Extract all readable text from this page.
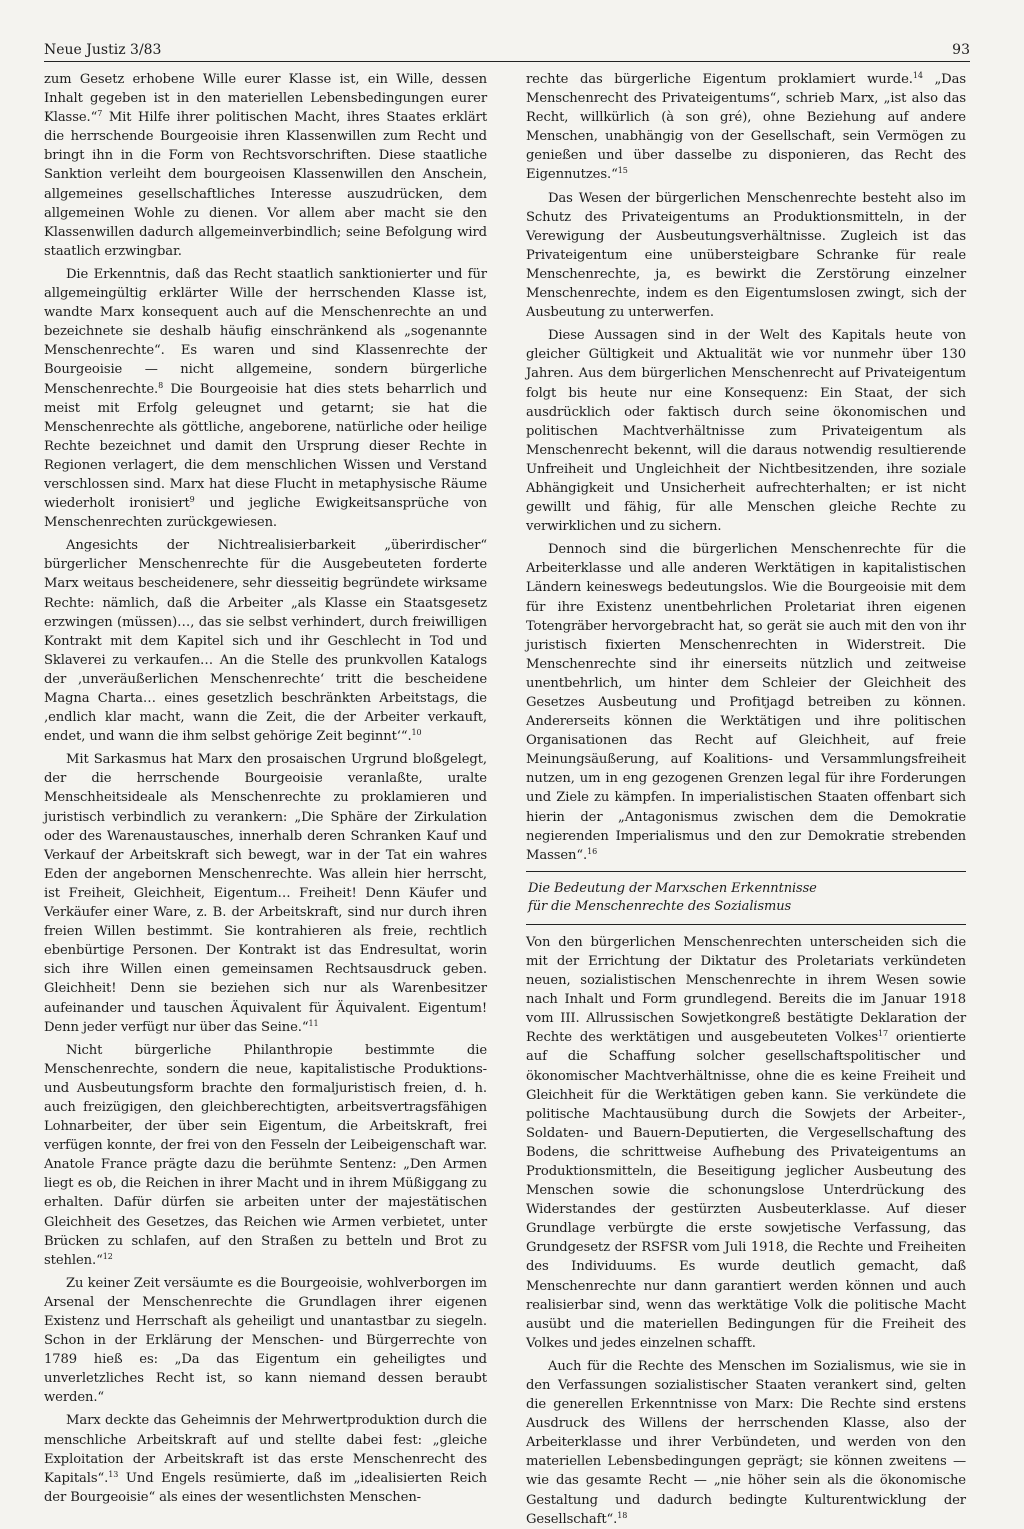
Neue Justiz 3/83	93

zum Gesetz erhobene Wille eurer Klasse ist, ein Wille, dessen Inhalt gegeben ist in den materiellen Lebensbedingungen eurer Klasse.“$^7$ Mit Hilfe ihrer politischen Macht, ihres Staates erklärt die herrschende Bourgeoisie ihren Klassenwillen zum Recht und bringt ihn in die Form von Rechtsvorschriften. Diese staatliche Sanktion verleiht dem bourgeoisen Klassenwillen den Anschein, allgemeines gesellschaftliches Interesse auszudrücken, dem allgemeinen Wohle zu dienen. Vor allem aber macht sie den Klassenwillen dadurch allgemeinverbindlich; seine Befolgung wird staatlich erzwingbar.

Die Erkenntnis, daß das Recht staatlich sanktionierter und für allgemeingültig erklärter Wille der herrschenden Klasse ist, wandte Marx konsequent auch auf die Menschenrechte an und bezeichnete sie deshalb häufig einschränkend als „sogenannte Menschenrechte“. Es waren und sind Klassenrechte der Bourgeoisie — nicht allgemeine, sondern bürgerliche Menschenrechte.$^8$ Die Bourgeoisie hat dies stets beharrlich und meist mit Erfolg geleugnet und getarnt; sie hat die Menschenrechte als göttliche, angeborene, natürliche oder heilige Rechte bezeichnet und damit den Ursprung dieser Rechte in Regionen verlagert, die dem menschlichen Wissen und Verstand verschlossen sind. Marx hat diese Flucht in metaphysische Räume wiederholt ironisiert$^9$ und jegliche Ewigkeitsansprüche von Menschenrechten zurückgewiesen.

Angesichts der Nichtrealisierbarkeit „überirdischer“ bürgerlicher Menschenrechte für die Ausgebeuteten forderte Marx weitaus bescheidenere, sehr diesseitig begründete wirksame Rechte: nämlich, daß die Arbeiter „als Klasse ein Staatsgesetz erzwingen (müssen)…, das sie selbst verhindert, durch freiwilligen Kontrakt mit dem Kapitel sich und ihr Geschlecht in Tod und Sklaverei zu verkaufen… An die Stelle des prunkvollen Katalogs der ‚unveräußerlichen Menschenrechte‘ tritt die bescheidene Magna Charta… eines gesetzlich beschränkten Arbeitstags, die ‚endlich klar macht, wann die Zeit, die der Arbeiter verkauft, endet, und wann die ihm selbst gehörige Zeit beginnt‘“.$^{10}$

Mit Sarkasmus hat Marx den prosaischen Urgrund bloßgelegt, der die herrschende Bourgeoisie veranlaßte, uralte Menschheitsideale als Menschenrechte zu proklamieren und juristisch verbindlich zu verankern: „Die Sphäre der Zirkulation oder des Warenaustausches, innerhalb deren Schranken Kauf und Verkauf der Arbeitskraft sich bewegt, war in der Tat ein wahres Eden der angebornen Menschenrechte. Was allein hier herrscht, ist Freiheit, Gleichheit, Eigentum… Freiheit! Denn Käufer und Verkäufer einer Ware, z. B. der Arbeitskraft, sind nur durch ihren freien Willen bestimmt. Sie kontrahieren als freie, rechtlich ebenbürtige Personen. Der Kontrakt ist das Endresultat, worin sich ihre Willen einen gemeinsamen Rechtsausdruck geben. Gleichheit! Denn sie beziehen sich nur als Warenbesitzer aufeinander und tauschen Äquivalent für Äquivalent. Eigentum! Denn jeder verfügt nur über das Seine.“$^{11}$

Nicht bürgerliche Philanthropie bestimmte die Menschenrechte, sondern die neue, kapitalistische Produktions- und Ausbeutungsform brachte den formaljuristisch freien, d. h. auch freizügigen, den gleichberechtigten, arbeitsvertragsfähigen Lohnarbeiter, der über sein Eigentum, die Arbeitskraft, frei verfügen konnte, der frei von den Fesseln der Leibeigenschaft war. Anatole France prägte dazu die berühmte Sentenz: „Den Armen liegt es ob, die Reichen in ihrer Macht und in ihrem Müßiggang zu erhalten. Dafür dürfen sie arbeiten unter der majestätischen Gleichheit des Gesetzes, das Reichen wie Armen verbietet, unter Brücken zu schlafen, auf den Straßen zu betteln und Brot zu stehlen.“$^{12}$

Zu keiner Zeit versäumte es die Bourgeoisie, wohlverborgen im Arsenal der Menschenrechte die Grundlagen ihrer eigenen Existenz und Herrschaft als geheiligt und unantastbar zu siegeln. Schon in der Erklärung der Menschen- und Bürgerrechte von 1789 hieß es: „Da das Eigentum ein geheiligtes und unverletzliches Recht ist, so kann niemand dessen beraubt werden.“

Marx deckte das Geheimnis der Mehrwertproduktion durch die menschliche Arbeitskraft auf und stellte dabei fest: „gleiche Exploitation der Arbeitskraft ist das erste Menschenrecht des Kapitals“.$^{13}$ Und Engels resümierte, daß im „idealisierten Reich der Bourgeoisie“ als eines der wesentlichsten Menschen-

rechte das bürgerliche Eigentum proklamiert wurde.$^{14}$ „Das Menschenrecht des Privateigentums“, schrieb Marx, „ist also das Recht, willkürlich (à son gré), ohne Beziehung auf andere Menschen, unabhängig von der Gesellschaft, sein Vermögen zu genießen und über dasselbe zu disponieren, das Recht des Eigennutzes.“$^{15}$

Das Wesen der bürgerlichen Menschenrechte besteht also im Schutz des Privateigentums an Produktionsmitteln, in der Verewigung der Ausbeutungsverhältnisse. Zugleich ist das Privateigentum eine unübersteigbare Schranke für reale Menschenrechte, ja, es bewirkt die Zerstörung einzelner Menschenrechte, indem es den Eigentumslosen zwingt, sich der Ausbeutung zu unterwerfen.

Diese Aussagen sind in der Welt des Kapitals heute von gleicher Gültigkeit und Aktualität wie vor nunmehr über 130 Jahren. Aus dem bürgerlichen Menschenrecht auf Privateigentum folgt bis heute nur eine Konsequenz: Ein Staat, der sich ausdrücklich oder faktisch durch seine ökonomischen und politischen Machtverhältnisse zum Privateigentum als Menschenrecht bekennt, will die daraus notwendig resultierende Unfreiheit und Ungleichheit der Nichtbesitzenden, ihre soziale Abhängigkeit und Unsicherheit aufrechterhalten; er ist nicht gewillt und fähig, für alle Menschen gleiche Rechte zu verwirklichen und zu sichern.

Dennoch sind die bürgerlichen Menschenrechte für die Arbeiterklasse und alle anderen Werktätigen in kapitalistischen Ländern keineswegs bedeutungslos. Wie die Bourgeoisie mit dem für ihre Existenz unentbehrlichen Proletariat ihren eigenen Totengräber hervorgebracht hat, so gerät sie auch mit den von ihr juristisch fixierten Menschenrechten in Widerstreit. Die Menschenrechte sind ihr einerseits nützlich und zeitweise unentbehrlich, um hinter dem Schleier der Gleichheit des Gesetzes Ausbeutung und Profitjagd betreiben zu können. Andererseits können die Werktätigen und ihre politischen Organisationen das Recht auf Gleichheit, auf freie Meinungsäußerung, auf Koalitions- und Versammlungsfreiheit nutzen, um in eng gezogenen Grenzen legal für ihre Forderungen und Ziele zu kämpfen. In imperialistischen Staaten offenbart sich hierin der „Antagonismus zwischen dem die Demokratie negierenden Imperialismus und den zur Demokratie strebenden Massen“.$^{16}$

Die Bedeutung der Marxschen Erkenntnisse
für die Menschenrechte des Sozialismus

Von den bürgerlichen Menschenrechten unterscheiden sich die mit der Errichtung der Diktatur des Proletariats verkündeten neuen, sozialistischen Menschenrechte in ihrem Wesen sowie nach Inhalt und Form grundlegend. Bereits die im Januar 1918 vom III. Allrussischen Sowjetkongreß bestätigte Deklaration der Rechte des werktätigen und ausgebeuteten Volkes$^{17}$ orientierte auf die Schaffung solcher gesellschaftspolitischer und ökonomischer Machtverhältnisse, ohne die es keine Freiheit und Gleichheit für die Werktätigen geben kann. Sie verkündete die politische Machtausübung durch die Sowjets der Arbeiter-, Soldaten- und Bauern-Deputierten, die Vergesellschaftung des Bodens, die schrittweise Aufhebung des Privateigentums an Produktionsmitteln, die Beseitigung jeglicher Ausbeutung des Menschen sowie die schonungslose Unterdrückung des Widerstandes der gestürzten Ausbeuterklasse. Auf dieser Grundlage verbürgte die erste sowjetische Verfassung, das Grundgesetz der RSFSR vom Juli 1918, die Rechte und Freiheiten des Individuums. Es wurde deutlich gemacht, daß Menschenrechte nur dann garantiert werden können und auch realisierbar sind, wenn das werktätige Volk die politische Macht ausübt und die materiellen Bedingungen für die Freiheit des Volkes und jedes einzelnen schafft.

Auch für die Rechte des Menschen im Sozialismus, wie sie in den Verfassungen sozialistischer Staaten verankert sind, gelten die generellen Erkenntnisse von Marx: Die Rechte sind erstens Ausdruck des Willens der herrschenden Klasse, also der Arbeiterklasse und ihrer Verbündeten, und werden von den materiellen Lebensbedingungen geprägt; sie können zweitens — wie das gesamte Recht — „nie höher sein als die ökonomische Gestaltung und dadurch bedingte Kulturentwicklung der Gesellschaft“.$^{18}$
